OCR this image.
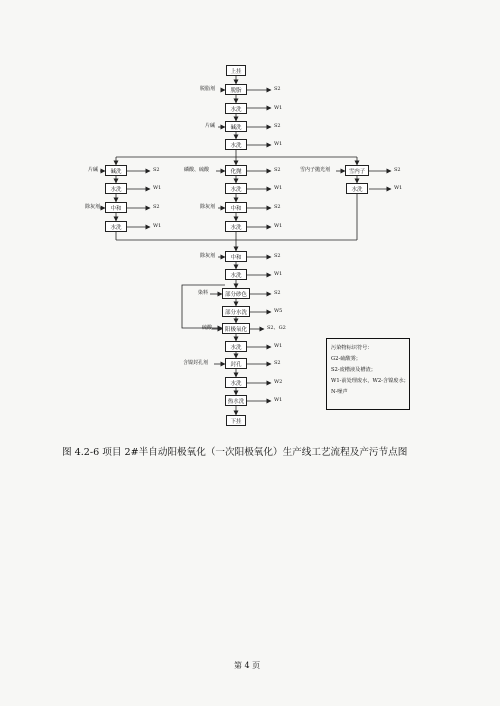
上挂
脱脂
水洗
碱洗
水洗
碱洗
水洗
中和
水洗
化抛
水洗
中和
水洗
雪内子
水洗
中和
水洗
部分砂色
部分水洗
阳极氧化
水洗
封孔
水洗
热水洗
下挂
脱脂剂
片碱
片碱	磷酸、硫酸	雪内子抛光剂
除灰剂	除灰剂
除灰剂
染料
硫酸
含镍封孔剂
S2
W1
S2
W1
S2
W1
S2
W1
S2
W1
S2
W1
S2
W1
S2
W1
S2
W5
S2、G2
W1
S2
W2
W1
污染物标识符号：
G2-硫酸雾；
S2-废槽液及槽渣；
W1-前处理废水，W2-含镍废水；
N-噪声
图 4.2-6 项目 2#半自动阳极氧化（一次阳极氧化）生产线工艺流程及产污节点图
第 4 页
